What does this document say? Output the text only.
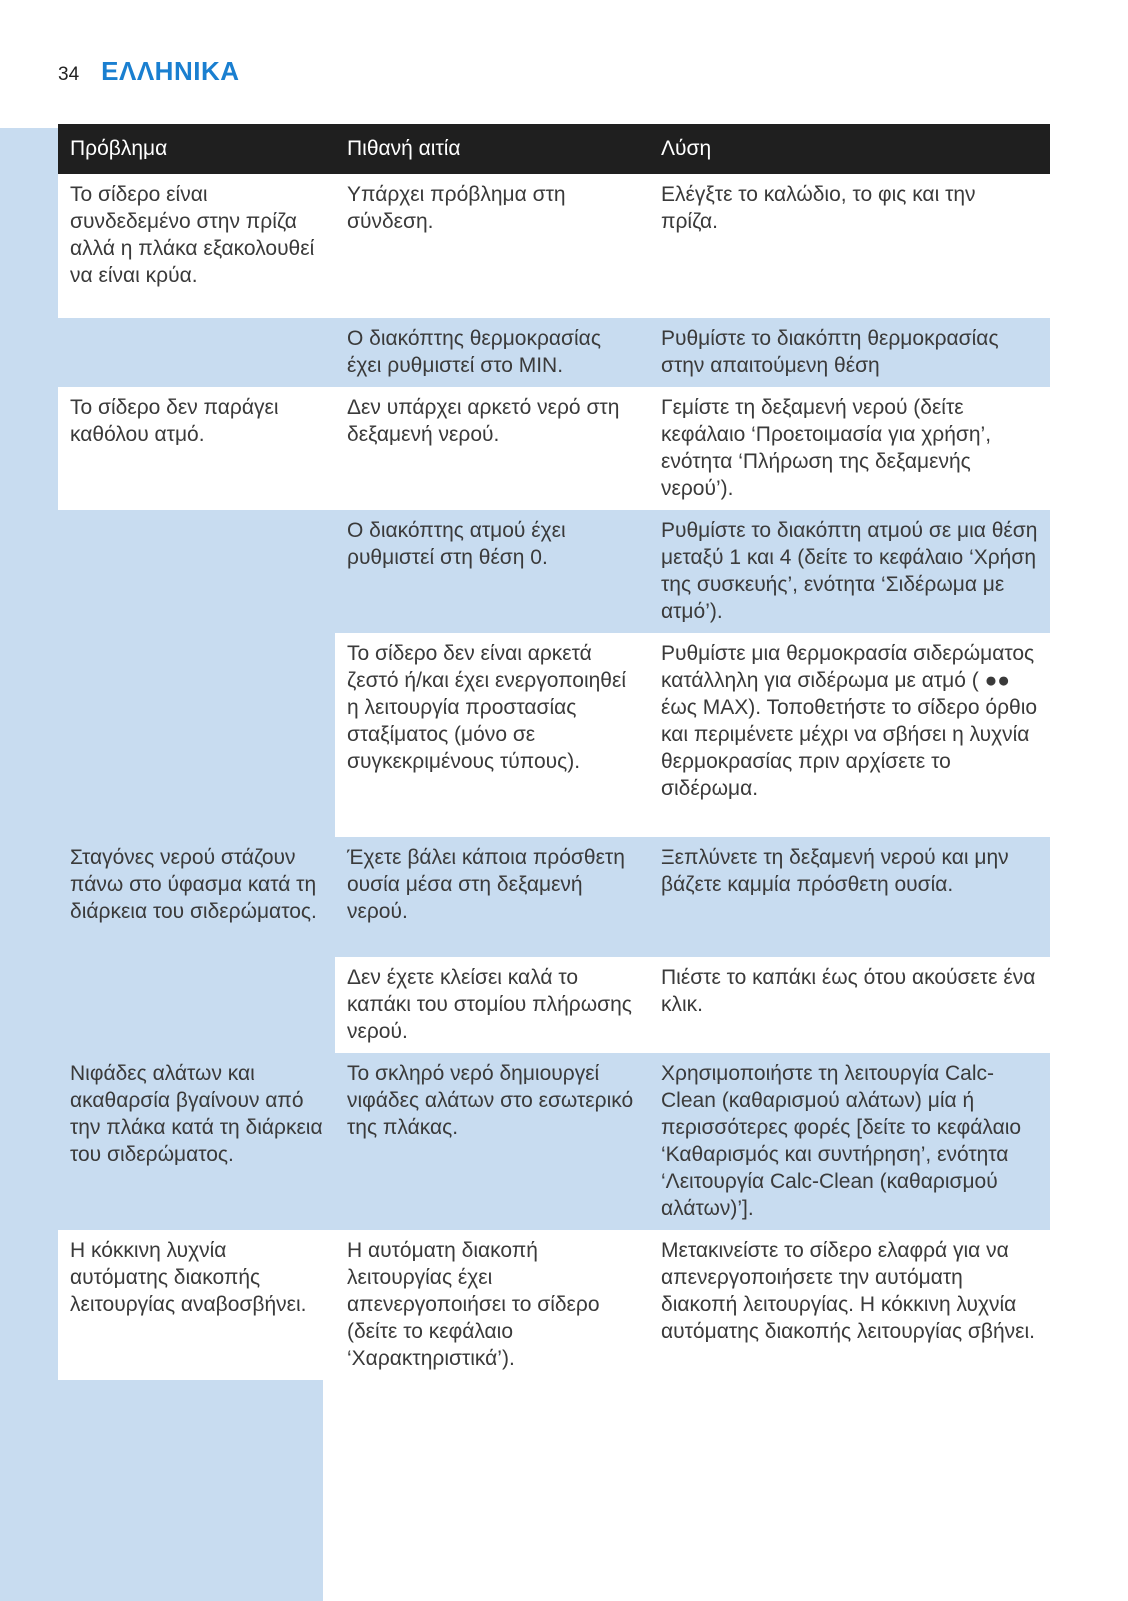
34 ΕΛΛΗΝΙΚΑ
Πρόβλημα	Πιθανή αιτία	Λύση
Το σίδερο είναι συνδεδεμένο στην πρίζα αλλά η πλάκα εξακολουθεί να είναι κρύα.	Υπάρχει πρόβλημα στη σύνδεση.	Ελέγξτε το καλώδιο, το φις και την πρίζα.
	Ο διακόπτης θερμοκρασίας έχει ρυθμιστεί στο MIN.	Ρυθμίστε το διακόπτη θερμοκρασίας στην απαιτούμενη θέση
Το σίδερο δεν παράγει καθόλου ατμό.	Δεν υπάρχει αρκετό νερό στη δεξαμενή νερού.	Γεμίστε τη δεξαμενή νερού (δείτε κεφάλαιο ‘Προετοιμασία για χρήση’, ενότητα ‘Πλήρωση της δεξαμενής νερού’).
	Ο διακόπτης ατμού έχει ρυθμιστεί στη θέση 0.	Ρυθμίστε το διακόπτη ατμού σε μια θέση μεταξύ 1 και 4 (δείτε το κεφάλαιο ‘Χρήση της συσκευής’, ενότητα ‘Σιδέρωμα με ατμό’).
	Το σίδερο δεν είναι αρκετά ζεστό ή/και έχει ενεργοποιηθεί η λειτουργία προστασίας σταξίματος (μόνο σε συγκεκριμένους τύπους).	Ρυθμίστε μια θερμοκρασία σιδερώματος κατάλληλη για σιδέρωμα με ατμό ( ●● έως MAX). Τοποθετήστε το σίδερο όρθιο και περιμένετε μέχρι να σβήσει η λυχνία θερμοκρασίας πριν αρχίσετε το σιδέρωμα.
Σταγόνες νερού στάζουν πάνω στο ύφασμα κατά τη διάρκεια του σιδερώματος.	Έχετε βάλει κάποια πρόσθετη ουσία μέσα στη δεξαμενή νερού.	Ξεπλύνετε τη δεξαμενή νερού και μην βάζετε καμμία πρόσθετη ουσία.
	Δεν έχετε κλείσει καλά το καπάκι του στομίου πλήρωσης νερού.	Πιέστε το καπάκι έως ότου ακούσετε ένα κλικ.
Νιφάδες αλάτων και ακαθαρσία βγαίνουν από την πλάκα κατά τη διάρκεια του σιδερώματος.	Το σκληρό νερό δημιουργεί νιφάδες αλάτων στο εσωτερικό της πλάκας.	Χρησιμοποιήστε τη λειτουργία Calc-Clean (καθαρισμού αλάτων) μία ή περισσότερες φορές [δείτε το κεφάλαιο ‘Καθαρισμός και συντήρηση’, ενότητα ‘Λειτουργία Calc-Clean (καθαρισμού αλάτων)’].
Η κόκκινη λυχνία αυτόματης διακοπής λειτουργίας αναβοσβήνει.	Η αυτόματη διακοπή λειτουργίας έχει απενεργοποιήσει το σίδερο (δείτε το κεφάλαιο ‘Χαρακτηριστικά’).	Μετακινείστε το σίδερο ελαφρά για να απενεργοποιήσετε την αυτόματη διακοπή λειτουργίας. Η κόκκινη λυχνία αυτόματης διακοπής λειτουργίας σβήνει.
